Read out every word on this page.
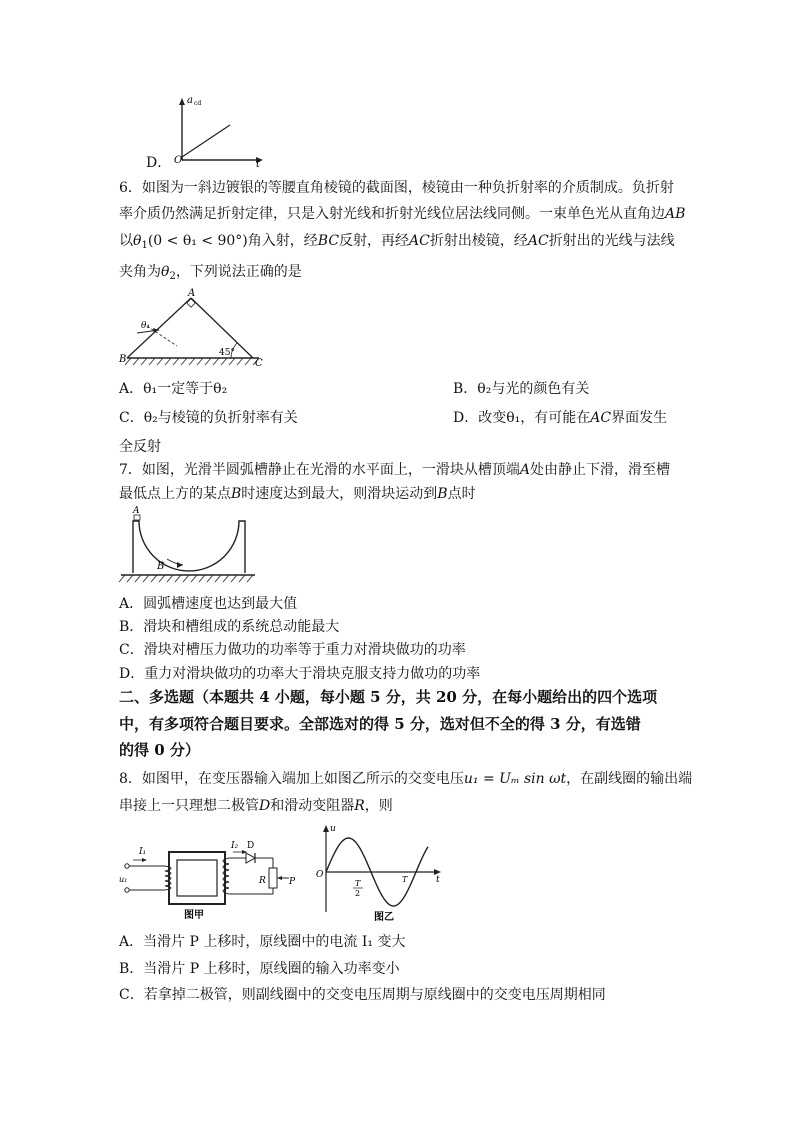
D．
a cd
O	t
6．如图为一斜边镀银的等腰直角棱镜的截面图，棱镜由一种负折射率的介质制成。负折射
率介质仍然满足折射定律，只是入射光线和折射光线位居法线同侧。一束单色光从直角边AB
以$\theta_1(0 < \theta_1 < 90^\circ)$角入射，经BC反射，再经AC折射出棱镜，经AC折射出的光线与法线
夹角为$\theta_2$，下列说法正确的是
A
B	C
θ₁
45°
A．θ₁一定等于θ₂	B．θ₂与光的颜色有关
C．θ₂与棱镜的负折射率有关	D．改变θ₁，有可能在AC界面发生
全反射
7．如图，光滑半圆弧槽静止在光滑的水平面上，一滑块从槽顶端A处由静止下滑，滑至槽
最低点上方的某点B时速度达到最大，则滑块运动到B点时
A
B
A．圆弧槽速度也达到最大值
B．滑块和槽组成的系统总动能最大
C．滑块对槽压力做功的功率等于重力对滑块做功的功率
D．重力对滑块做功的功率大于滑块克服支持力做功的功率
二、多选题（本题共 4 小题，每小题 5 分，共 20 分，在每小题给出的四个选项
中，有多项符合题目要求。全部选对的得 5 分，选对但不全的得 3 分，有选错
的得 0 分）
8．如图甲，在变压器输入端加上如图乙所示的交变电压u₁ = Uₘ sin ωt，在副线圈的输出端
串接上一只理想二极管D和滑动变阻器R，则
I₁
I₂ D
u₁	R	P
图甲
u
O
T
2
T	t
图乙
A．当滑片 P 上移时，原线圈中的电流 I₁ 变大
B．当滑片 P 上移时，原线圈的输入功率变小
C．若拿掉二极管，则副线圈中的交变电压周期与原线圈中的交变电压周期相同
